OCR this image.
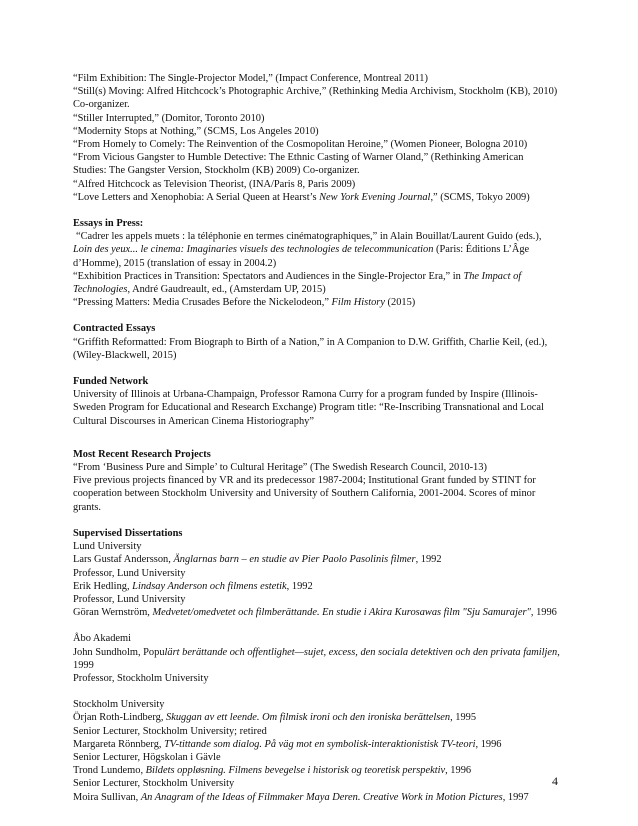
“Film Exhibition: The Single-Projector Model,” (Impact Conference, Montreal 2011)
“Still(s) Moving: Alfred Hitchcock’s Photographic Archive,” (Rethinking Media Archivism, Stockholm (KB), 2010)
Co-organizer.
“Stiller Interrupted,” (Domitor, Toronto 2010)
“Modernity Stops at Nothing,” (SCMS, Los Angeles 2010)
“From Homely to Comely: The Reinvention of the Cosmopolitan Heroine,” (Women Pioneer, Bologna 2010)
“From Vicious Gangster to Humble Detective: The Ethnic Casting of Warner Oland,” (Rethinking American
Studies: The Gangster Version, Stockholm (KB) 2009) Co-organizer.
“Alfred Hitchcock as Television Theorist, (INA/Paris 8, Paris 2009)
“Love Letters and Xenophobia: A Serial Queen at Hearst’s New York Evening Journal,” (SCMS, Tokyo 2009)
Essays in Press:
“Cadrer les appels muets : la téléphonie en termes cinématographiques,” in Alain Bouillat/Laurent Guido (eds.),
Loin des yeux... le cinema: Imaginaries visuels des technologies de telecommunication (Paris: Éditions L’Âge
d’Homme), 2015 (translation of essay in 2004.2)
“Exhibition Practices in Transition: Spectators and Audiences in the Single-Projector Era,” in The Impact of
Technologies, André Gaudreault, ed., (Amsterdam UP, 2015)
“Pressing Matters: Media Crusades Before the Nickelodeon,” Film History (2015)
Contracted Essays
“Griffith Reformatted: From Biograph to Birth of a Nation,” in A Companion to D.W. Griffith, Charlie Keil, (ed.),
(Wiley-Blackwell, 2015)
Funded Network
University of Illinois at Urbana-Champaign, Professor Ramona Curry for a program funded by Inspire (Illinois-
Sweden Program for Educational and Research Exchange) Program title: “Re-Inscribing Transnational and Local
Cultural Discourses in American Cinema Historiography”
Most Recent Research Projects
“From ‘Business Pure and Simple’ to Cultural Heritage” (The Swedish Research Council, 2010-13)
Five previous projects financed by VR and its predecessor 1987-2004; Institutional Grant funded by STINT for
cooperation between Stockholm University and University of Southern California, 2001-2004. Scores of minor
grants.
Supervised Dissertations
Lund University
Lars Gustaf Andersson, Änglarnas barn – en studie av Pier Paolo Pasolinis filmer, 1992
Professor, Lund University
Erik Hedling, Lindsay Anderson och filmens estetik, 1992
Professor, Lund University
Göran Wernström, Medvetet/omedvetet och filmberättande. En studie i Akira Kurosawas film "Sju Samurajer", 1996
Åbo Akademi
John Sundholm, Populärt berättande och offentlighet—sujet, excess, den sociala detektiven och den privata familjen,
1999
Professor, Stockholm University
Stockholm University
Örjan Roth-Lindberg, Skuggan av ett leende. Om filmisk ironi och den ironiska berättelsen, 1995
Senior Lecturer, Stockholm University; retired
Margareta Rönnberg, TV-tittande som dialog. På väg mot en symbolisk-interaktionistisk TV-teori, 1996
Senior Lecturer, Högskolan i Gävle
Trond Lundemo, Bildets oppløsning. Filmens bevegelse i historisk og teoretisk perspektiv, 1996
Senior Lecturer, Stockholm University
Moira Sullivan, An Anagram of the Ideas of Filmmaker Maya Deren. Creative Work in Motion Pictures, 1997
4
